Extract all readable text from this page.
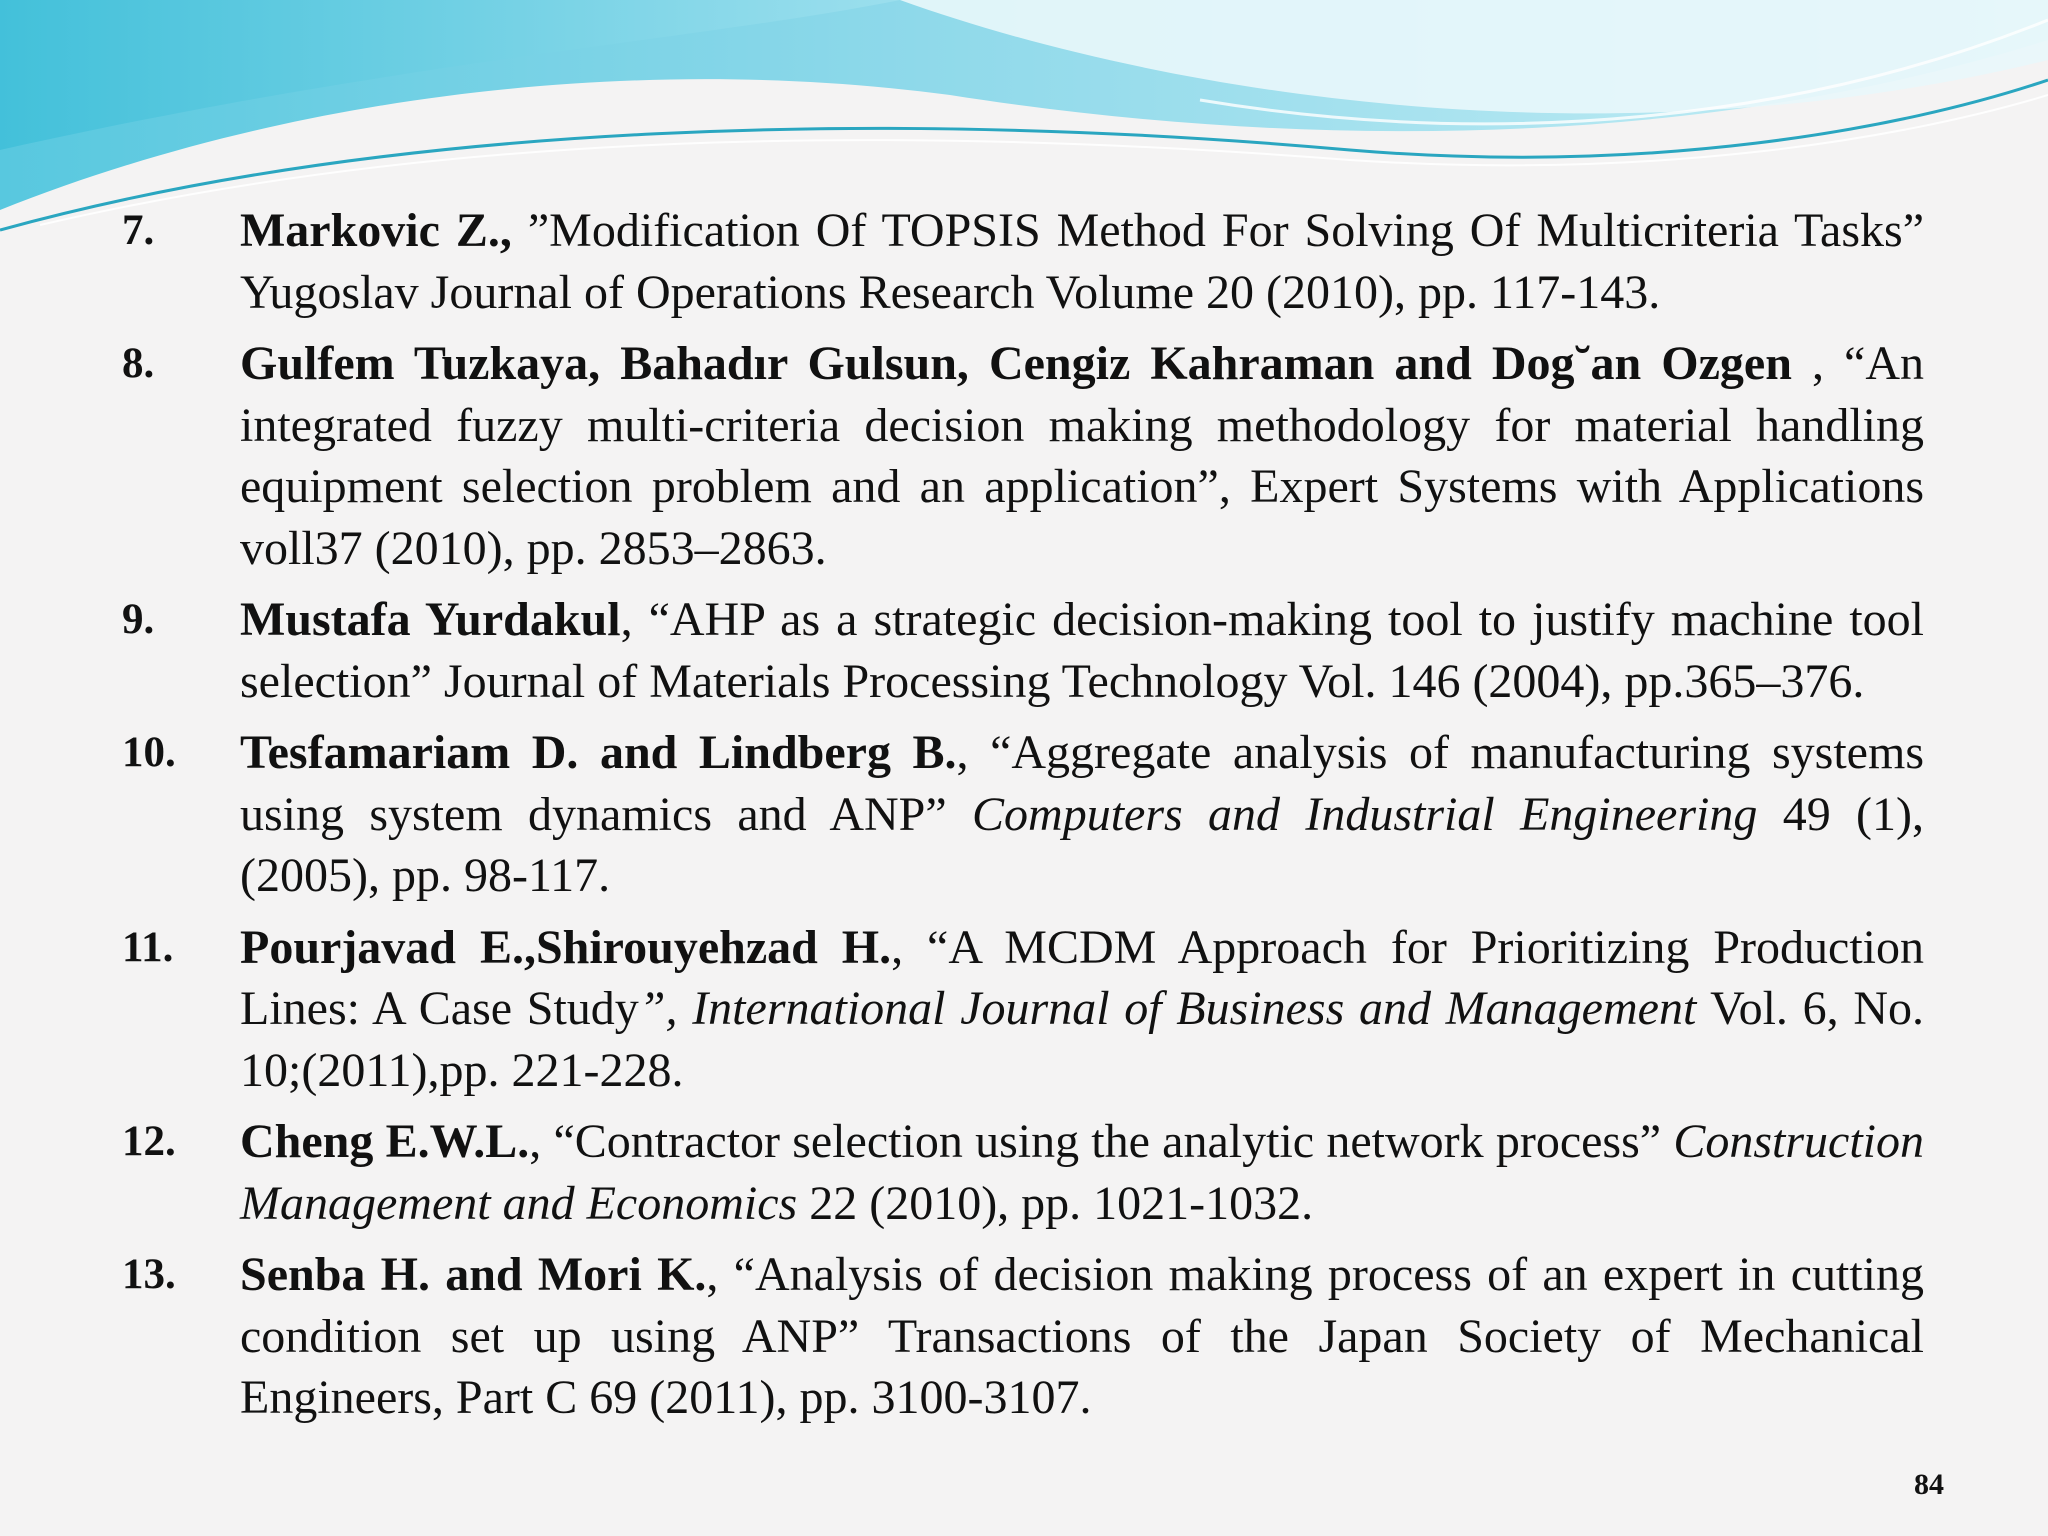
7.	Markovic Z., ”Modification Of TOPSIS Method For Solving Of Multicriteria Tasks” Yugoslav Journal of Operations Research Volume 20 (2010), pp. 117-143.
8.	Gulfem Tuzkaya, Bahadır Gulsun, Cengiz Kahraman and Dog˘an Ozgen , “An integrated fuzzy multi-criteria decision making methodology for material handling equipment selection problem and an application”, Expert Systems with Applications voll37 (2010), pp. 2853–2863.
9.	Mustafa Yurdakul, “AHP as a strategic decision-making tool to justify machine tool selection” Journal of Materials Processing Technology Vol. 146 (2004), pp.365–376.
10.	Tesfamariam D. and Lindberg B., “Aggregate analysis of manufacturing systems using system dynamics and ANP” Computers and Industrial Engineering 49 (1), (2005), pp. 98-117.
11.	Pourjavad E.,Shirouyehzad H., “A MCDM Approach for Prioritizing Production Lines: A Case Study”, International Journal of Business and Management Vol. 6, No. 10;(2011),pp. 221-228.
12.	Cheng E.W.L., “Contractor selection using the analytic network process” Construction Management and Economics 22 (2010), pp. 1021-1032.
13.	Senba H. and Mori K., “Analysis of decision making process of an expert in cutting condition set up using ANP” Transactions of the Japan Society of Mechanical Engineers, Part C 69 (2011), pp. 3100-3107.
84
